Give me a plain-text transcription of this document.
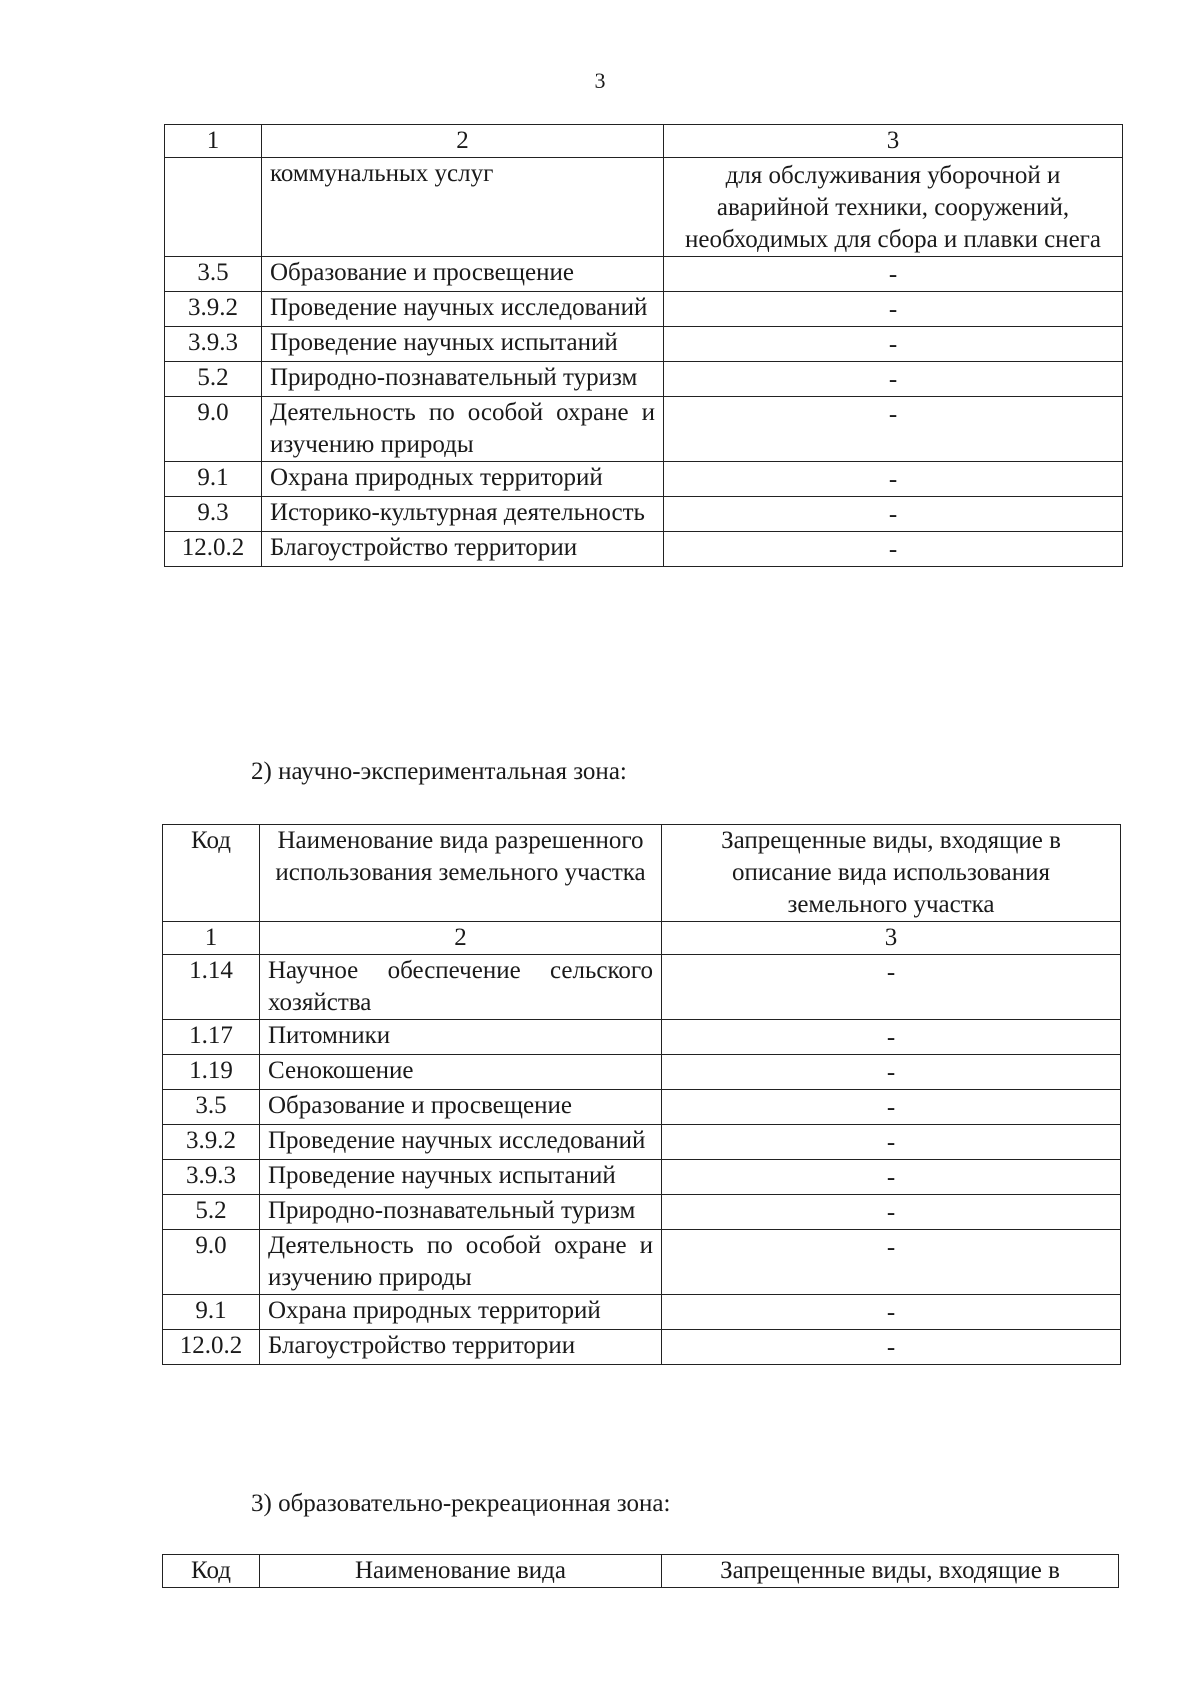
3
1	2	3
	коммунальных услуг	для обслуживания уборочной и аварийной техники, сооружений, необходимых для сбора и плавки снега
3.5	Образование и просвещение	-
3.9.2	Проведение научных исследований	-
3.9.3	Проведение научных испытаний	-
5.2	Природно-познавательный туризм	-
9.0	Деятельность по особой охране и изучению природы	-
9.1	Охрана природных территорий	-
9.3	Историко-культурная деятельность	-
12.0.2	Благоустройство территории	-
2) научно-экспериментальная зона:
Код	Наименование вида разрешенного использования земельного участка	Запрещенные виды, входящие в описание вида использования земельного участка
1	2	3
1.14	Научное обеспечение сельского хозяйства	-
1.17	Питомники	-
1.19	Сенокошение	-
3.5	Образование и просвещение	-
3.9.2	Проведение научных исследований	-
3.9.3	Проведение научных испытаний	-
5.2	Природно-познавательный туризм	-
9.0	Деятельность по особой охране и изучению природы	-
9.1	Охрана природных территорий	-
12.0.2	Благоустройство территории	-
3) образовательно-рекреационная зона:
Код	Наименование вида	Запрещенные виды, входящие в
